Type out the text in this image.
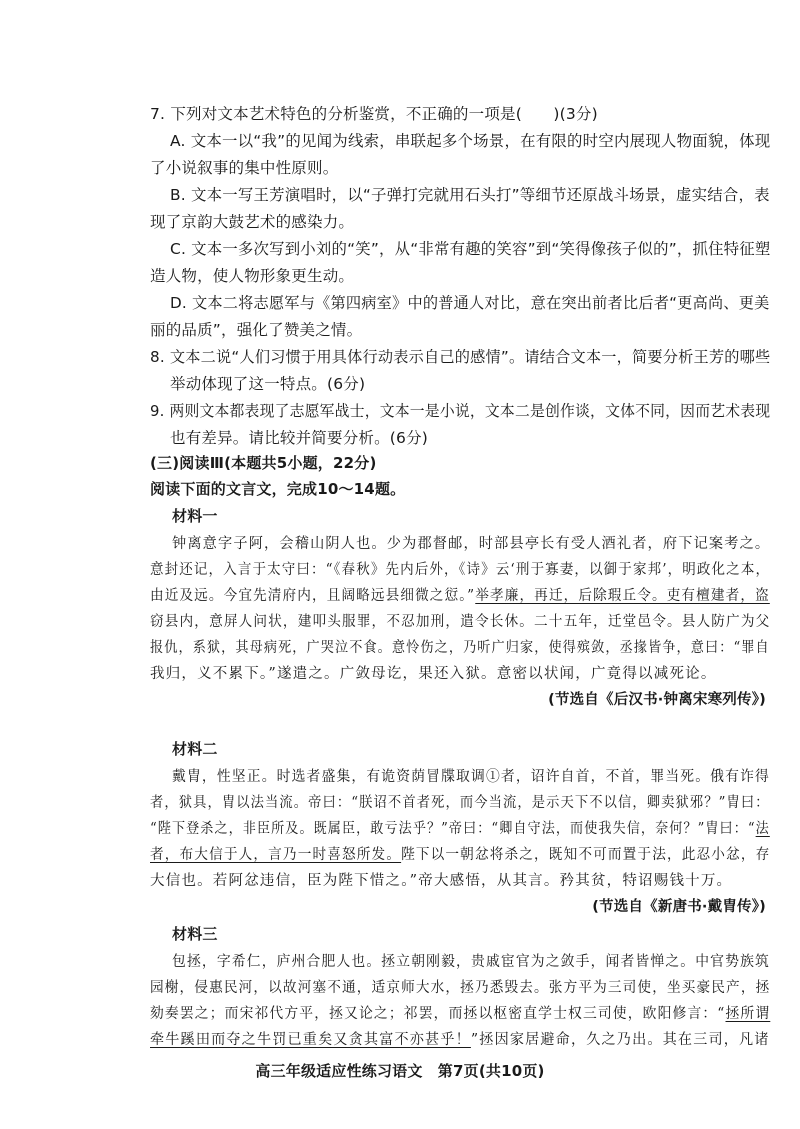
7. 下列对文本艺术特色的分析鉴赏，不正确的一项是(　　)(3分)
A. 文本一以“我”的见闻为线索，串联起多个场景，在有限的时空内展现人物面貌，体现
了小说叙事的集中性原则。
B. 文本一写王芳演唱时，以“子弹打完就用石头打”等细节还原战斗场景，虚实结合，表
现了京韵大鼓艺术的感染力。
C. 文本一多次写到小刘的“笑”，从“非常有趣的笑容”到“笑得像孩子似的”，抓住特征塑
造人物，使人物形象更生动。
D. 文本二将志愿军与《第四病室》中的普通人对比，意在突出前者比后者“更高尚、更美
丽的品质”，强化了赞美之情。
8. 文本二说“人们习惯于用具体行动表示自己的感情”。请结合文本一，简要分析王芳的哪些
举动体现了这一特点。(6分)
9. 两则文本都表现了志愿军战士，文本一是小说，文本二是创作谈，文体不同，因而艺术表现
也有差异。请比较并简要分析。(6分)
(三)阅读Ⅲ(本题共5小题，22分)
阅读下面的文言文，完成10～14题。
材料一
钟离意字子阿，会稽山阴人也。少为郡督邮，时部县亭长有受人酒礼者，府下记案考之。
意封还记，入言于太守曰：“《春秋》先内后外，《诗》云‘刑于寡妻，以御于家邦’，明政化之本，
由近及远。今宜先清府内，且阔略远县细微之愆。”举孝廉，再迁，后除瑕丘令。吏有檀建者，盗
窃县内，意屏人问状，建叩头服罪，不忍加刑，遣令长休。二十五年，迁堂邑令。县人防广为父
报仇，系狱，其母病死，广哭泣不食。意怜伤之，乃听广归家，使得殡敛，丞掾皆争，意曰：“罪自
我归，义不累下。”遂遣之。广敛母讫，果还入狱。意密以状闻，广竟得以减死论。
(节选自《后汉书·钟离宋寒列传》)
材料二
戴胄，性坚正。时选者盛集，有诡资荫冒牒取调①者，诏许自首，不首，罪当死。俄有诈得
者，狱具，胄以法当流。帝曰：“朕诏不首者死，而今当流，是示天下不以信，卿卖狱邪？”胄曰：
“陛下登杀之，非臣所及。既属臣，敢亏法乎？”帝曰：“卿自守法，而使我失信，奈何？”胄曰：“法
者，布大信于人，言乃一时喜怒所发。陛下以一朝忿将杀之，既知不可而置于法，此忍小忿，存
大信也。若阿忿违信，臣为陛下惜之。”帝大感悟，从其言。矜其贫，特诏赐钱十万。
(节选自《新唐书·戴胄传》)
材料三
包拯，字希仁，庐州合肥人也。拯立朝刚毅，贵戚宦官为之敛手，闻者皆惮之。中官势族筑
园榭，侵惠民河，以故河塞不通，适京师大水，拯乃悉毁去。张方平为三司使，坐买豪民产，拯
劾奏罢之；而宋祁代方平，拯又论之；祁罢，而拯以枢密直学士权三司使，欧阳修言：“拯所谓
牵牛蹊田而夺之牛罚已重矣又贪其富不亦甚乎！”拯因家居避命，久之乃出。其在三司，凡诸
高三年级适应性练习语文　第7页(共10页)
